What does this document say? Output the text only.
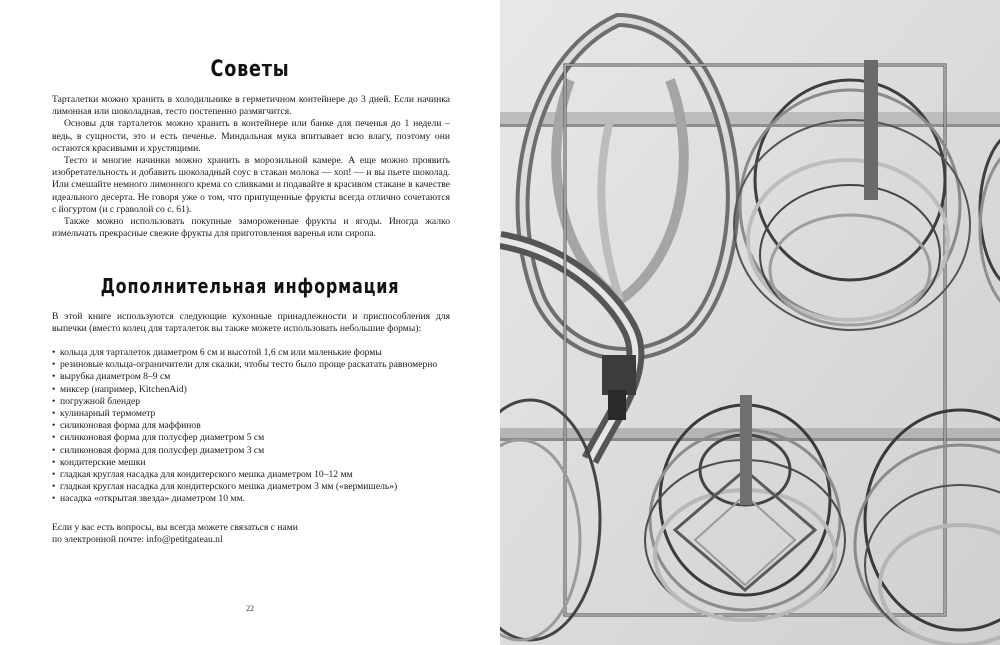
Советы

Тарталетки можно хранить в холодильнике в герметичном контейнере до 3 дней. Если начинка лимонная или шоколадная, тесто постепенно размягчится.

Основы для тарталеток можно хранить в контейнере или банке для печенья до 1 недели – ведь, в сущности, это и есть печенье. Миндальная мука впитывает всю влагу, поэтому они остаются красивыми и хрустящими.

Тесто и многие начинки можно хранить в морозильной камере. А еще можно проявить изобретательность и добавить шоколадный соус в стакан молока — хоп! — и вы пьете шоколад. Или смешайте немного лимонного крема со сливками и подавайте в красивом стакане в качестве идеального десерта. Не говоря уже о том, что припущенные фрукты всегда отлично сочетаются с йогуртом (и с граволой со с. 61).

Также можно использовать покупные замороженные фрукты и ягоды. Иногда жалко измельчать прекрасные свежие фрукты для приготовления варенья или сиропа.

Дополнительная информация

В этой книге используются следующие кухонные принадлежности и приспособления для выпечки (вместо колец для тарталеток вы также можете использовать небольшие формы):

• кольца для тарталеток диаметром 6 см и высотой 1,6 см или маленькие формы
• резиновые кольца-ограничители для скалки, чтобы тесто было проще раскатать равномерно
• вырубка диаметром 8–9 см
• миксер (например, KitchenAid)
• погружной блендер
• кулинарный термометр
• силиконовая форма для маффинов
• силиконовая форма для полусфер диаметром 5 см
• силиконовая форма для полусфер диаметром 3 см
• кондитерские мешки
• гладкая круглая насадка для кондитерского мешка диаметром 10–12 мм
• гладкая круглая насадка для кондитерского мешка диаметром 3 мм («вермишель»)
• насадка «открытая звезда» диаметром 10 мм.
Если у вас есть вопросы, вы всегда можете связаться с нами
по электронной почте: info@petitgateau.nl
22
